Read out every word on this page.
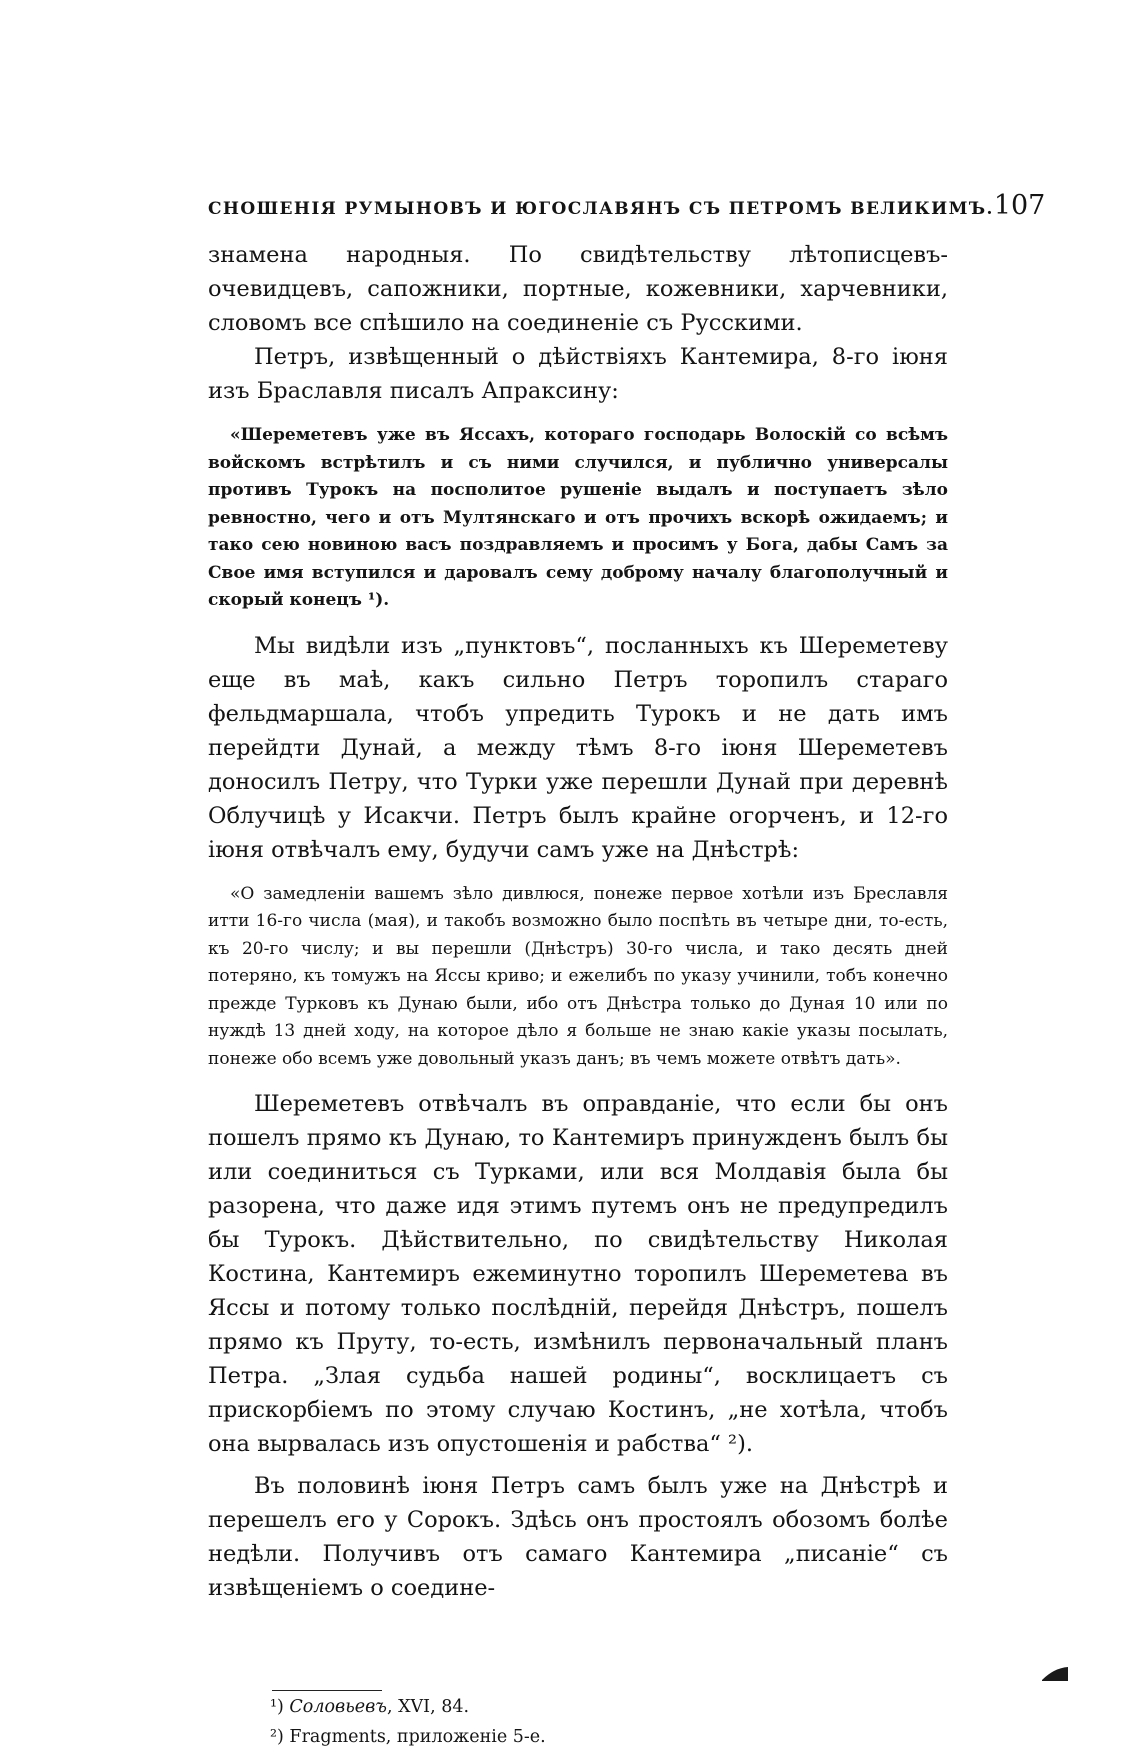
СНОШЕНІЯ РУМЫНОВЪ И ЮГОСЛАВЯНЪ СЪ ПЕТРОМЪ ВЕЛИКИМЪ. 107

знамена народныя. По свидѣтельству лѣтописцевъ-очевидцевъ, сапожники, портные, кожевники, харчевники, словомъ все спѣшило на соединеніе съ Русскими.

Петръ, извѣщенный о дѣйствіяхъ Кантемира, 8-го іюня изъ Браславля писалъ Апраксину:

«Шереметевъ уже въ Яссахъ, котораго господарь Волоскій со всѣмъ войскомъ встрѣтилъ и съ ними случился, и публично универсалы противъ Турокъ на посполитое рушеніе выдалъ и поступаетъ зѣло ревностно, чего и отъ Мултянскаго и отъ прочихъ вскорѣ ожидаемъ; и тако сею новиною васъ поздравляемъ и просимъ у Бога, дабы Самъ за Свое имя вступился и даровалъ сему доброму началу благополучный и скорый конецъ ¹).

Мы видѣли изъ „пунктовъ“, посланныхъ къ Шереметеву еще въ маѣ, какъ сильно Петръ торопилъ стараго фельдмаршала, чтобъ упредить Турокъ и не дать имъ перейдти Дунай, а между тѣмъ 8-го іюня Шереметевъ доносилъ Петру, что Турки уже перешли Дунай при деревнѣ Облучицѣ у Исакчи. Петръ былъ крайне огорченъ, и 12-го іюня отвѣчалъ ему, будучи самъ уже на Днѣстрѣ:

«О замедленіи вашемъ зѣло дивлюся, понеже первое хотѣли изъ Бреславля итти 16-го числа (мая), и такобъ возможно было поспѣть въ четыре дни, то-есть, къ 20-го числу; и вы перешли (Днѣстръ) 30-го числа, и тако десять дней потеряно, къ томужъ на Яссы криво; и ежелибъ по указу учинили, тобъ конечно прежде Турковъ къ Дунаю были, ибо отъ Днѣстра только до Дуная 10 или по нуждѣ 13 дней ходу, на которое дѣло я больше не знаю какіе указы посылать, понеже обо всемъ уже довольный указъ данъ; въ чемъ можете отвѣтъ дать».

Шереметевъ отвѣчалъ въ оправданіе, что если бы онъ пошелъ прямо къ Дунаю, то Кантемиръ принужденъ былъ бы или соединиться съ Турками, или вся Молдавія была бы разорена, что даже идя этимъ путемъ онъ не предупредилъ бы Турокъ. Дѣйствительно, по свидѣтельству Николая Костина, Кантемиръ ежеминутно торопилъ Шереметева въ Яссы и потому только послѣдній, перейдя Днѣстръ, пошелъ прямо къ Пруту, то-есть, измѣнилъ первоначальный планъ Петра. „Злая судьба нашей родины“, восклицаетъ съ прискорбіемъ по этому случаю Костинъ, „не хотѣла, чтобъ она вырвалась изъ опустошенія и рабства“ ²).

Въ половинѣ іюня Петръ самъ былъ уже на Днѣстрѣ и перешелъ его у Сорокъ. Здѣсь онъ простоялъ обозомъ болѣе недѣли. Получивъ отъ самаго Кантемира „писаніе“ съ извѣщеніемъ о соедине-

¹) Соловьевъ, XVI, 84.
²) Fragments, приложеніе 5-е.
